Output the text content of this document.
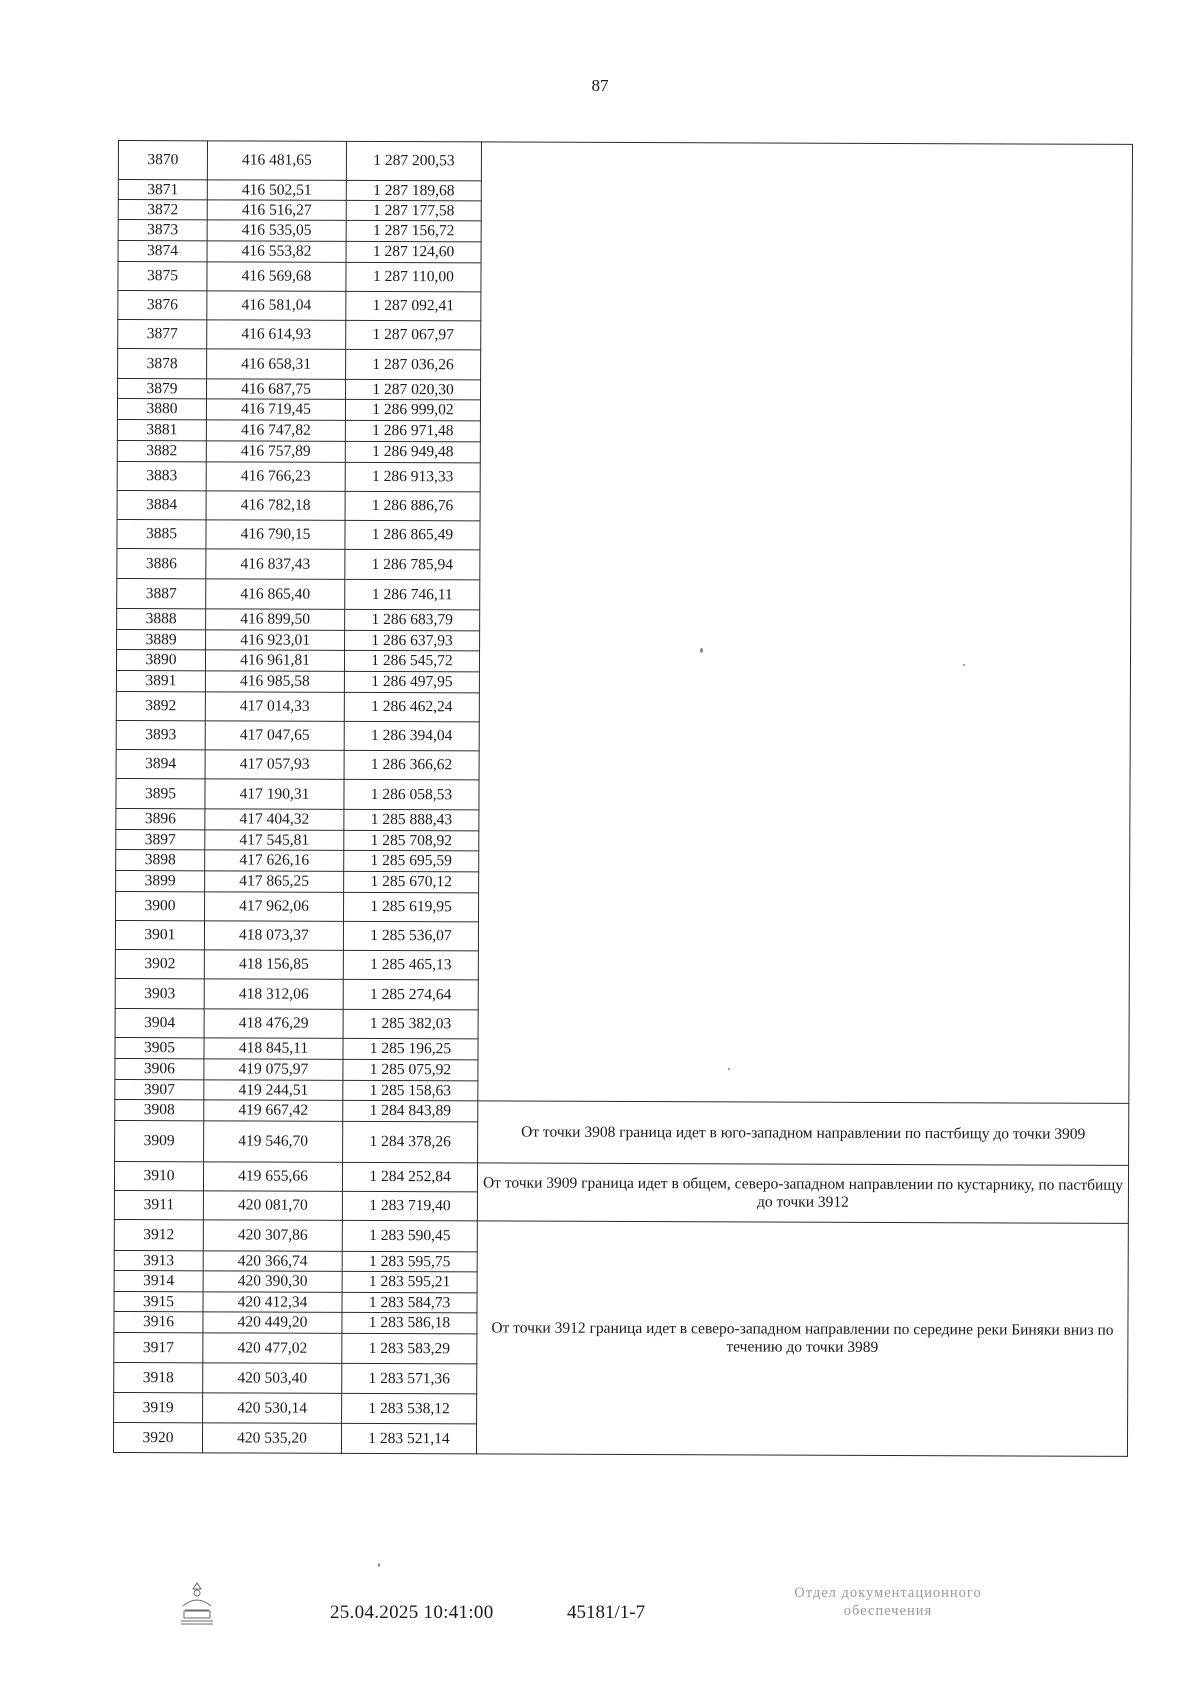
87
3870	416 481,65	1 287 200,53	
3871	416 502,51	1 287 189,68	
3872	416 516,27	1 287 177,58	
3873	416 535,05	1 287 156,72	
3874	416 553,82	1 287 124,60	
3875	416 569,68	1 287 110,00	
3876	416 581,04	1 287 092,41	
3877	416 614,93	1 287 067,97	
3878	416 658,31	1 287 036,26	
3879	416 687,75	1 287 020,30	
3880	416 719,45	1 286 999,02	
3881	416 747,82	1 286 971,48	
3882	416 757,89	1 286 949,48	
3883	416 766,23	1 286 913,33	
3884	416 782,18	1 286 886,76	
3885	416 790,15	1 286 865,49	
3886	416 837,43	1 286 785,94	
3887	416 865,40	1 286 746,11	
3888	416 899,50	1 286 683,79	
3889	416 923,01	1 286 637,93	
3890	416 961,81	1 286 545,72	
3891	416 985,58	1 286 497,95	
3892	417 014,33	1 286 462,24	
3893	417 047,65	1 286 394,04	
3894	417 057,93	1 286 366,62	
3895	417 190,31	1 286 058,53	
3896	417 404,32	1 285 888,43	
3897	417 545,81	1 285 708,92	
3898	417 626,16	1 285 695,59	
3899	417 865,25	1 285 670,12	
3900	417 962,06	1 285 619,95	
3901	418 073,37	1 285 536,07	
3902	418 156,85	1 285 465,13	
3903	418 312,06	1 285 274,64	
3904	418 476,29	1 285 382,03	
3905	418 845,11	1 285 196,25	
3906	419 075,97	1 285 075,92	
3907	419 244,51	1 285 158,63	
3908	419 667,42	1 284 843,89	От точки 3908 граница идет в юго-западном направлении по пастбищу до точки 3909
3909	419 546,70	1 284 378,26	
3910	419 655,66	1 284 252,84	От точки 3909 граница идет в общем, северо-западном направлении по кустарнику, по пастбищу до точки 3912
3911	420 081,70	1 283 719,40	
3912	420 307,86	1 283 590,45	От точки 3912 граница идет в северо-западном направлении по середине реки Биняки вниз по течению до точки 3989
3913	420 366,74	1 283 595,75	
3914	420 390,30	1 283 595,21	
3915	420 412,34	1 283 584,73	
3916	420 449,20	1 283 586,18	
3917	420 477,02	1 283 583,29	
3918	420 503,40	1 283 571,36	
3919	420 530,14	1 283 538,12	
3920	420 535,20	1 283 521,14	
25.04.2025 10:41:00	45181/1-7
Отдел документационного
обеспечения
